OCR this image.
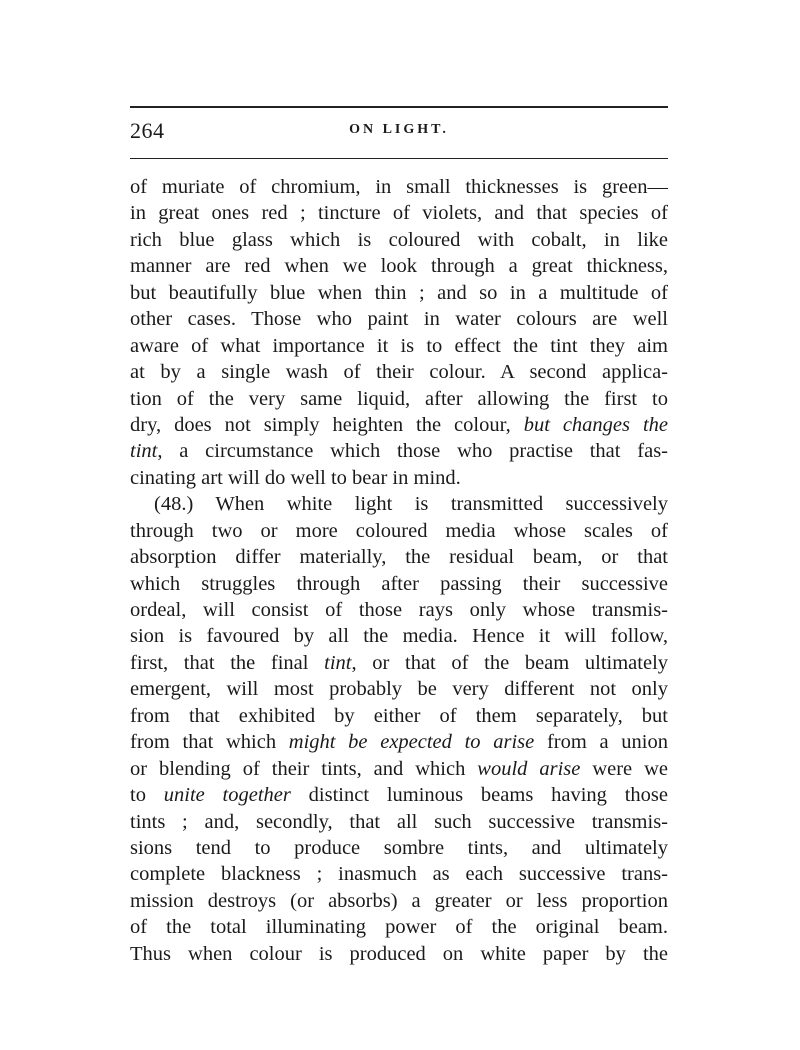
264	ON LIGHT.
of muriate of chromium, in small thicknesses is green—
in great ones red ; tincture of violets, and that species of
rich blue glass which is coloured with cobalt, in like
manner are red when we look through a great thickness,
but beautifully blue when thin ; and so in a multitude of
other cases. Those who paint in water colours are well
aware of what importance it is to effect the tint they aim
at by a single wash of their colour. A second applica-
tion of the very same liquid, after allowing the first to
dry, does not simply heighten the colour, but changes the
tint, a circumstance which those who practise that fas-
cinating art will do well to bear in mind.
(48.) When white light is transmitted successively
through two or more coloured media whose scales of
absorption differ materially, the residual beam, or that
which struggles through after passing their successive
ordeal, will consist of those rays only whose transmis-
sion is favoured by all the media. Hence it will follow,
first, that the final tint, or that of the beam ultimately
emergent, will most probably be very different not only
from that exhibited by either of them separately, but
from that which might be expected to arise from a union
or blending of their tints, and which would arise were we
to unite together distinct luminous beams having those
tints ; and, secondly, that all such successive transmis-
sions tend to produce sombre tints, and ultimately
complete blackness ; inasmuch as each successive trans-
mission destroys (or absorbs) a greater or less proportion
of the total illuminating power of the original beam.
Thus when colour is produced on white paper by the
